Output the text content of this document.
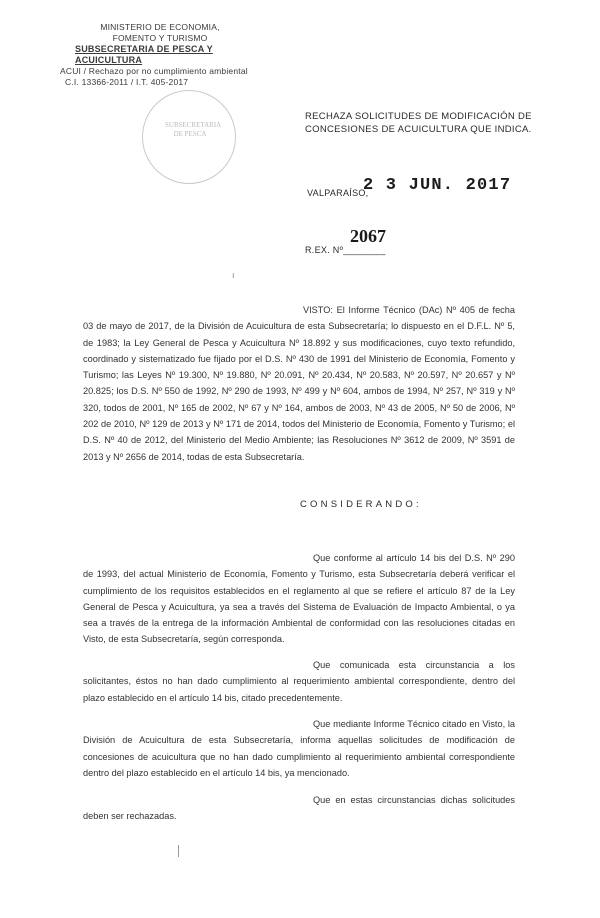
MINISTERIO DE ECONOMIA,
FOMENTO Y TURISMO
SUBSECRETARIA DE PESCA Y ACUICULTURA
ACUI / Rechazo por no cumplimiento ambiental
C.I. 13366-2011 / I.T. 405-2017
SUBSECRETARIA DE PESCA
RECHAZA SOLICITUDES DE MODIFICACIÓN DE CONCESIONES DE ACUICULTURA QUE INDICA.
VALPARAÍSO,
2 3 JUN. 2017
R.EX. Nº________
2067
ı

VISTO: El Informe Técnico (DAc) Nº 405 de fecha 03 de mayo de 2017, de la División de Acuicultura de esta Subsecretaría; lo dispuesto en el D.F.L. Nº 5, de 1983; la Ley General de Pesca y Acuicultura Nº 18.892 y sus modificaciones, cuyo texto refundido, coordinado y sistematizado fue fijado por el D.S. Nº 430 de 1991 del Ministerio de Economía, Fomento y Turismo; las Leyes Nº 19.300, Nº 19.880, Nº 20.091, Nº 20.434, Nº 20.583, Nº 20.597, Nº 20.657 y Nº 20.825; los D.S. Nº 550 de 1992, Nº 290 de 1993, Nº 499 y Nº 604, ambos de 1994, Nº 257, Nº 319 y Nº 320, todos de 2001, Nº 165 de 2002, Nº 67 y Nº 164, ambos de 2003, Nº 43 de 2005, Nº 50 de 2006, Nº 202 de 2010, Nº 129 de 2013 y Nº 171 de 2014, todos del Ministerio de Economía, Fomento y Turismo; el D.S. Nº 40 de 2012, del Ministerio del Medio Ambiente; las Resoluciones Nº 3612 de 2009, Nº 3591 de 2013 y Nº 2656 de 2014, todas de esta Subsecretaría.

CONSIDERANDO:

Que conforme al artículo 14 bis del D.S. Nº 290 de 1993, del actual Ministerio de Economía, Fomento y Turismo, esta Subsecretaría deberá verificar el cumplimiento de los requisitos establecidos en el reglamento al que se refiere el artículo 87 de la Ley General de Pesca y Acuicultura, ya sea a través del Sistema de Evaluación de Impacto Ambiental, o ya sea a través de la entrega de la información Ambiental de conformidad con las resoluciones citadas en Visto, de esta Subsecretaría, según corresponda.

Que comunicada esta circunstancia a los solicitantes, éstos no han dado cumplimiento al requerimiento ambiental correspondiente, dentro del plazo establecido en el artículo 14 bis, citado precedentemente.

Que mediante Informe Técnico citado en Visto, la División de Acuicultura de esta Subsecretaría, informa aquellas solicitudes de modificación de concesiones de acuicultura que no han dado cumplimiento al requerimiento ambiental correspondiente dentro del plazo establecido en el artículo 14 bis, ya mencionado.

Que en estas circunstancias dichas solicitudes deben ser rechazadas.
